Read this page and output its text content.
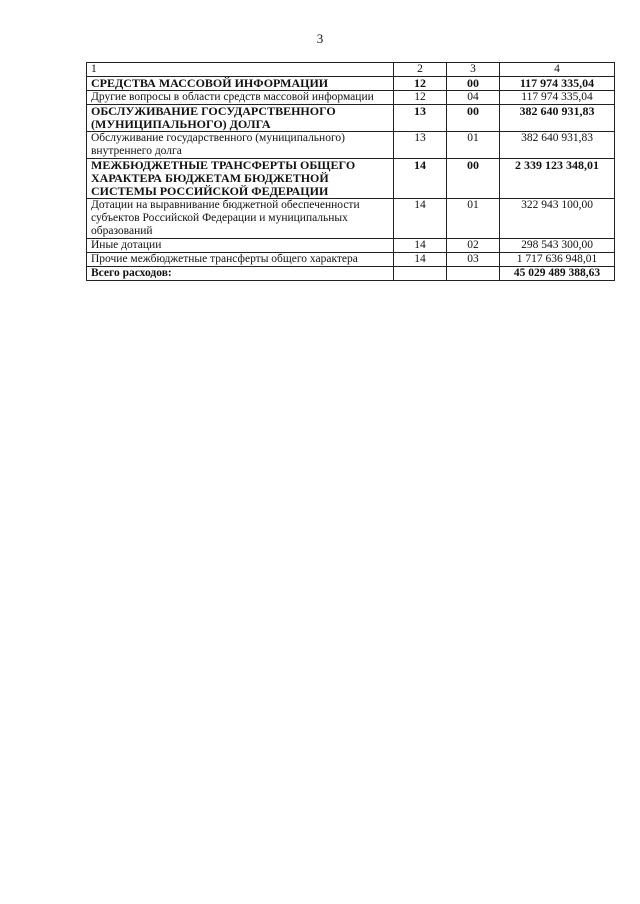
3
1	2	3	4
СРЕДСТВА МАССОВОЙ ИНФОРМАЦИИ	12	00	117 974 335,04
Другие вопросы в области средств массовой информации	12	04	117 974 335,04
ОБСЛУЖИВАНИЕ ГОСУДАРСТВЕННОГО (МУНИЦИПАЛЬНОГО) ДОЛГА	13	00	382 640 931,83
Обслуживание государственного (муниципального) внутреннего долга	13	01	382 640 931,83
МЕЖБЮДЖЕТНЫЕ ТРАНСФЕРТЫ ОБЩЕГО ХАРАКТЕРА БЮДЖЕТАМ БЮДЖЕТНОЙ СИСТЕМЫ РОССИЙСКОЙ ФЕДЕРАЦИИ	14	00	2 339 123 348,01
Дотации на выравнивание бюджетной обеспеченности субъектов Российской Федерации и муниципальных образований	14	01	322 943 100,00
Иные дотации	14	02	298 543 300,00
Прочие межбюджетные трансферты общего характера	14	03	1 717 636 948,01
Всего расходов:			45 029 489 388,63
